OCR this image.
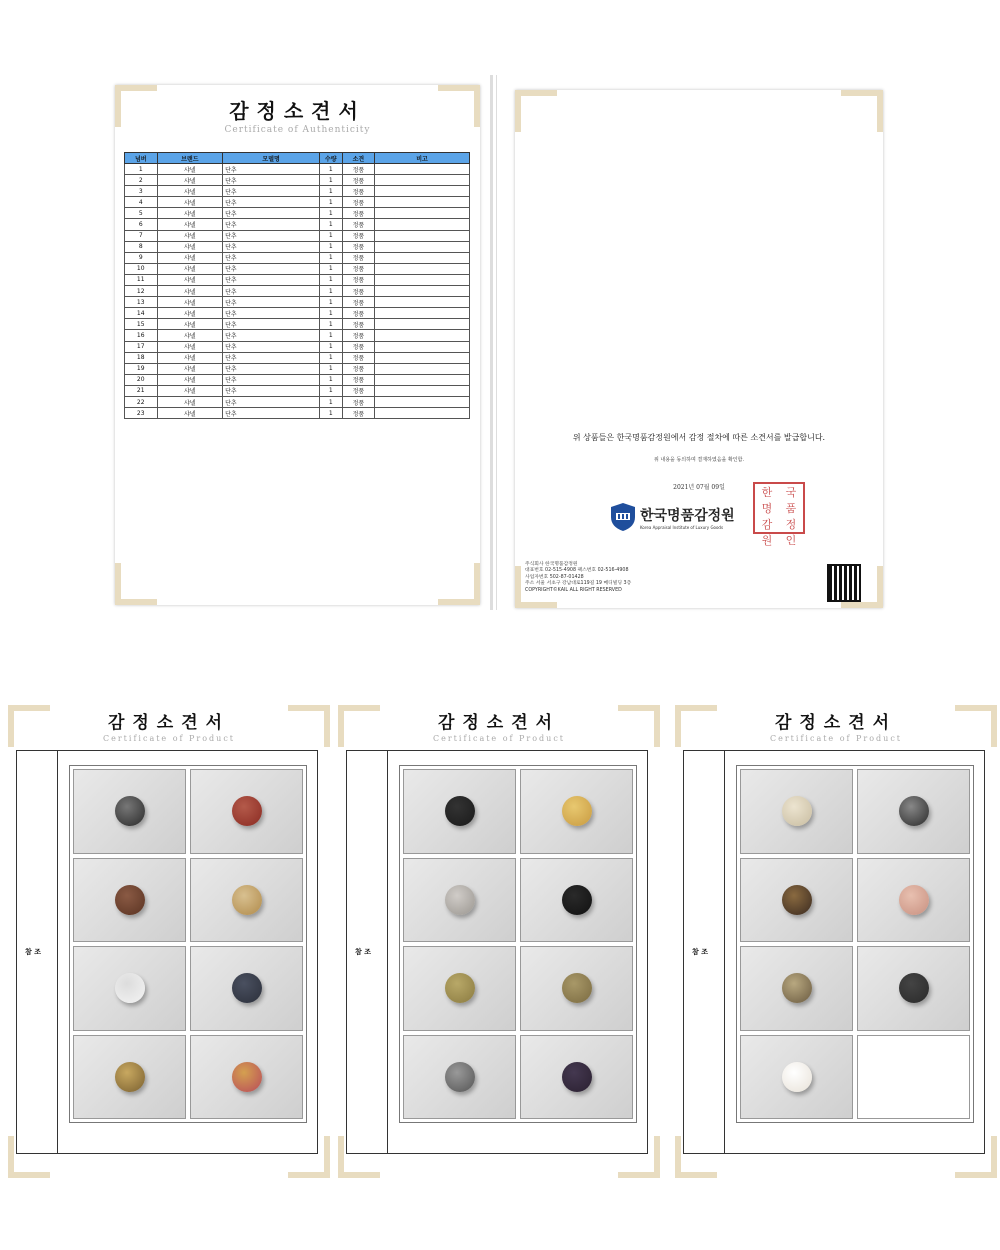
감정소견서
Certificate of Authenticity
넘버	브랜드	모델명	수량	소견	비고
1	샤넬	단추	1	정품	
2	샤넬	단추	1	정품	
3	샤넬	단추	1	정품	
4	샤넬	단추	1	정품	
5	샤넬	단추	1	정품	
6	샤넬	단추	1	정품	
7	샤넬	단추	1	정품	
8	샤넬	단추	1	정품	
9	샤넬	단추	1	정품	
10	샤넬	단추	1	정품	
11	샤넬	단추	1	정품	
12	샤넬	단추	1	정품	
13	샤넬	단추	1	정품	
14	샤넬	단추	1	정품	
15	샤넬	단추	1	정품	
16	샤넬	단추	1	정품	
17	샤넬	단추	1	정품	
18	샤넬	단추	1	정품	
19	샤넬	단추	1	정품	
20	샤넬	단추	1	정품	
21	샤넬	단추	1	정품	
22	샤넬	단추	1	정품	
23	샤넬	단추	1	정품	
위 상품들은 한국명품감정원에서 감정 절차에 따른 소견서를 발급합니다.
위 내용을 동의하며 결재하였음을 확인함.
2021년 07월 09일
한국명품감정원
Korea Appraisal Institute of Luxury Goods
한 국
명 품
감 정
원 인
주식회사 한국명품감정원
대표번호 02-515-4908 팩스번호 02-516-4908
사업자번호 502-87-01428
주소 서울 서초구 강남대로119길 19 메디빌딩 3층
COPYRIGHT©KAIL ALL RIGHT RESERVED
감정소견서
Certificate of Product
참 조
감정소견서
Certificate of Product
참 조
감정소견서
Certificate of Product
참 조
